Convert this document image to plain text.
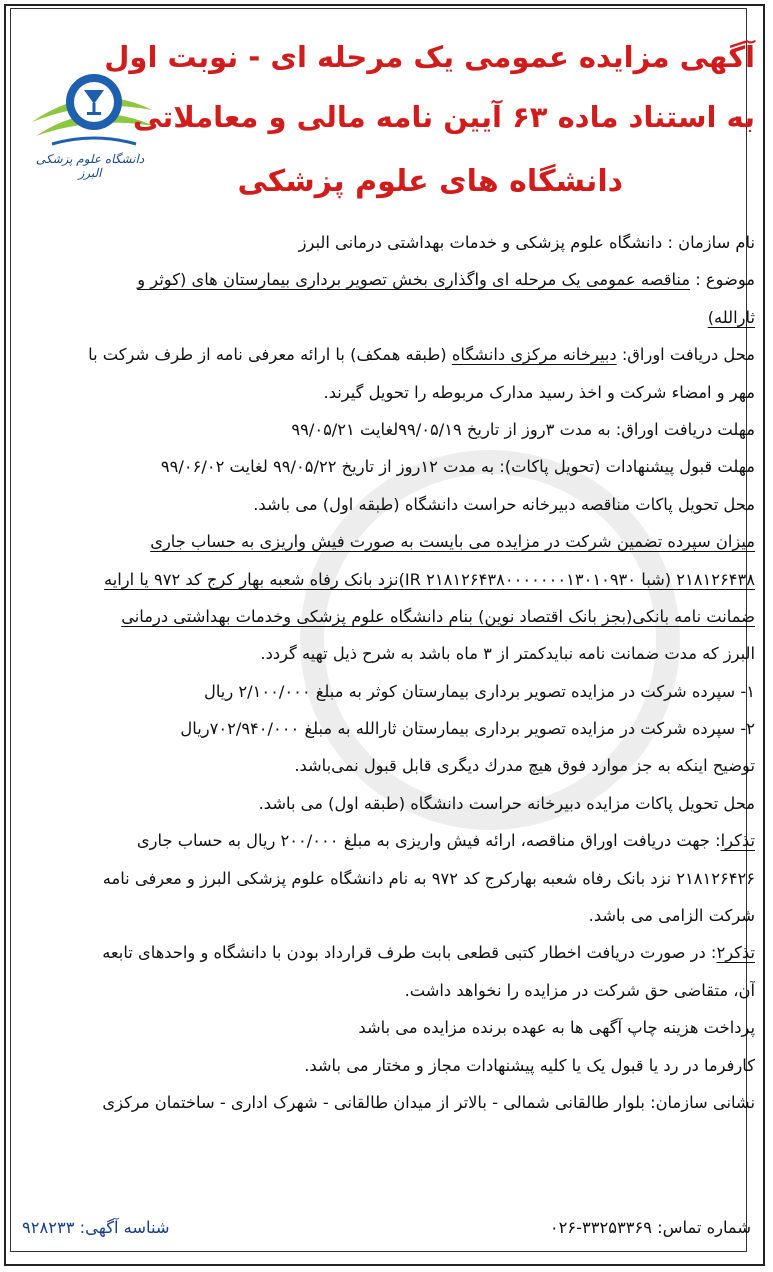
دانشگاه علوم پزشکی البرز
آگهی مزایده عمومی یک مرحله ای - نوبت اول
به استناد ماده ۶۳ آیین نامه مالی و معاملاتی
دانشگاه های علوم پزشکی
نام سازمان : دانشگاه علوم پزشکی و خدمات بهداشتی درمانی البرز
موضوع : مناقصه عمومی یک مرحله ای واگذاری بخش تصویر برداری بیمارستان های (کوثر و
ثارالله)
محل دریافت اوراق: دبیرخانه مرکزی دانشگاه (طبقه همکف) با ارائه معرفی نامه از طرف شرکت با
مهر و امضاء شرکت و اخذ رسید مدارک مربوطه را تحویل گیرند.
مهلت دریافت اوراق: به مدت ۳روز از تاریخ ۹۹/۰۵/۱۹لغایت ۹۹/۰۵/۲۱
مهلت قبول پیشنهادات (تحویل پاکات): به مدت ۱۲روز از تاریخ ۹۹/۰۵/۲۲ لغایت ۹۹/۰۶/۰۲
محل تحویل پاکات مناقصه دبیرخانه حراست دانشگاه (طبقه اول) می باشد.
میزان سپرده تضمین شرکت در مزایده می بایست به صورت فیش واریزی به حساب جاری
۲۱۸۱۲۶۴۳۸ (شبا ۲۱۸۱۲۶۴۳۸۰۰۰۰۰۰۰۱۳۰۱۰۹۳۰ IR)نزد بانک رفاه شعبه بهار کرج کد ۹۷۲ یا ارایه
ضمانت نامه بانکی(بجز بانک اقتصاد نوین) بنام دانشگاه علوم پزشکی وخدمات بهداشتی درمانی
البرز که مدت ضمانت نامه نبایدکمتر از ۳ ماه باشد به شرح ذیل تهیه گردد.
۱- سپرده شرکت در مزایده تصویر برداری بیمارستان کوثر به مبلغ ۲/۱۰۰/۰۰۰ ریال
۲- سپرده شرکت در مزایده تصویر برداری بیمارستان ثارالله به مبلغ ۷۰۲/۹۴۰/۰۰۰ریال
توضیح اینکه به جز موارد فوق هیچ مدرك دیگری قابل قبول نمی‌باشد.
محل تحویل پاکات مزایده دبیرخانه حراست دانشگاه (طبقه اول) می باشد.
تذکرا: جهت دریافت اوراق مناقصه، ارائه فیش واریزی به مبلغ ۲۰۰/۰۰۰ ریال به حساب جاری
۲۱۸۱۲۶۴۲۶ نزد بانک رفاه شعبه بهارکرج کد ۹۷۲ به نام دانشگاه علوم پزشکی البرز و معرفی نامه
شرکت الزامی می باشد.
تذکر۲: در صورت دریافت اخطار کتبی قطعی بابت طرف قرارداد بودن با دانشگاه و واحدهای تابعه
آن، متقاضی حق شرکت در مزایده را نخواهد داشت.
پرداخت هزینه چاپ آگهی ها به عهده برنده مزایده می باشد
کارفرما در رد یا قبول یک یا کلیه پیشنهادات مجاز و مختار می باشد.
نشانی سازمان: بلوار طالقانی شمالی - بالاتر از میدان طالقانی - شهرک اداری - ساختمان مرکزی
شماره تماس: ۳۳۲۵۳۳۶۹-۰۲۶
شناسه آگهی: ۹۲۸۲۳۳
